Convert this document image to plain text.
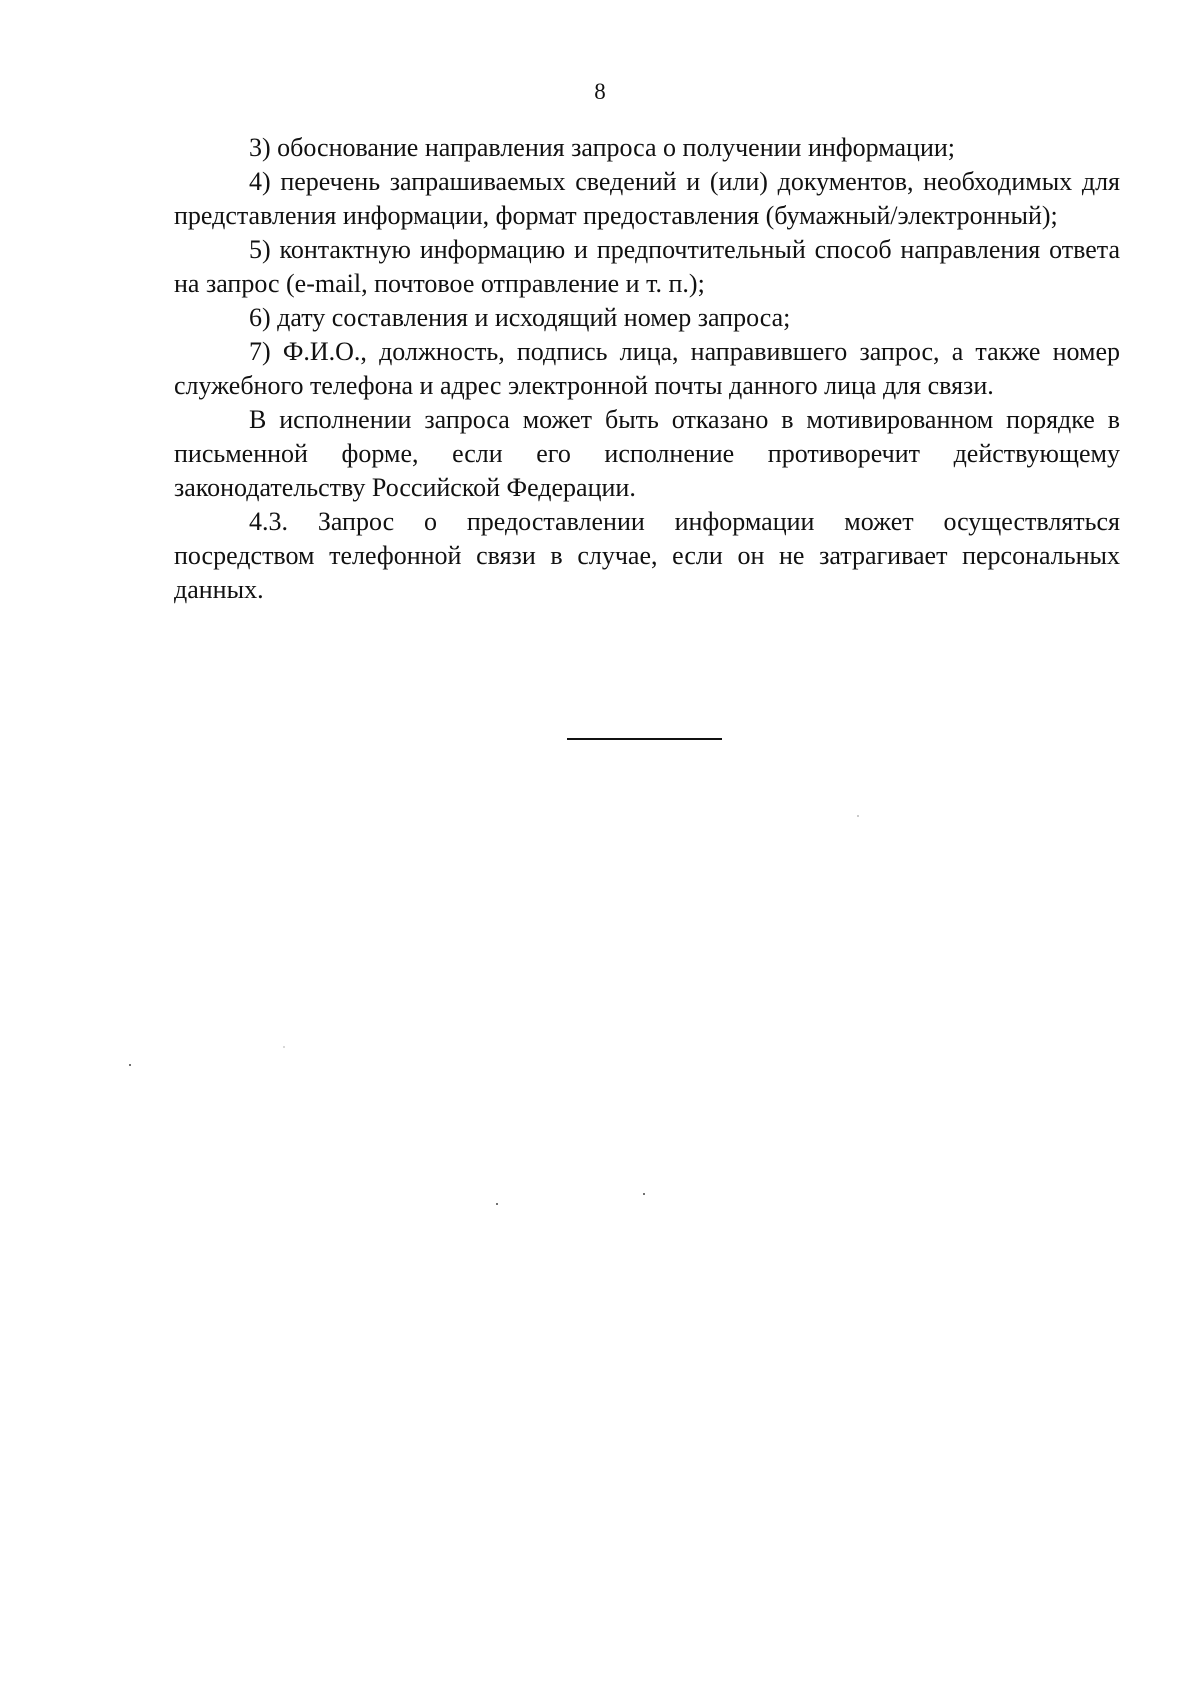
8

3) обоснование направления запроса о получении информации;

4) перечень запрашиваемых сведений и (или) документов, необходимых для представления информации, формат предоставления (бумажный/электронный);

5) контактную информацию и предпочтительный способ направления ответа на запрос (e-mail, почтовое отправление и т. п.);

6) дату составления и исходящий номер запроса;

7) Ф.И.О., должность, подпись лица, направившего запрос, а также номер служебного телефона и адрес электронной почты данного лица для связи.

В исполнении запроса может быть отказано в мотивированном порядке в письменной форме, если его исполнение противоречит действующему законодательству Российской Федерации.

4.3. Запрос о предоставлении информации может осуществляться посредством телефонной связи в случае, если он не затрагивает персональных данных.
